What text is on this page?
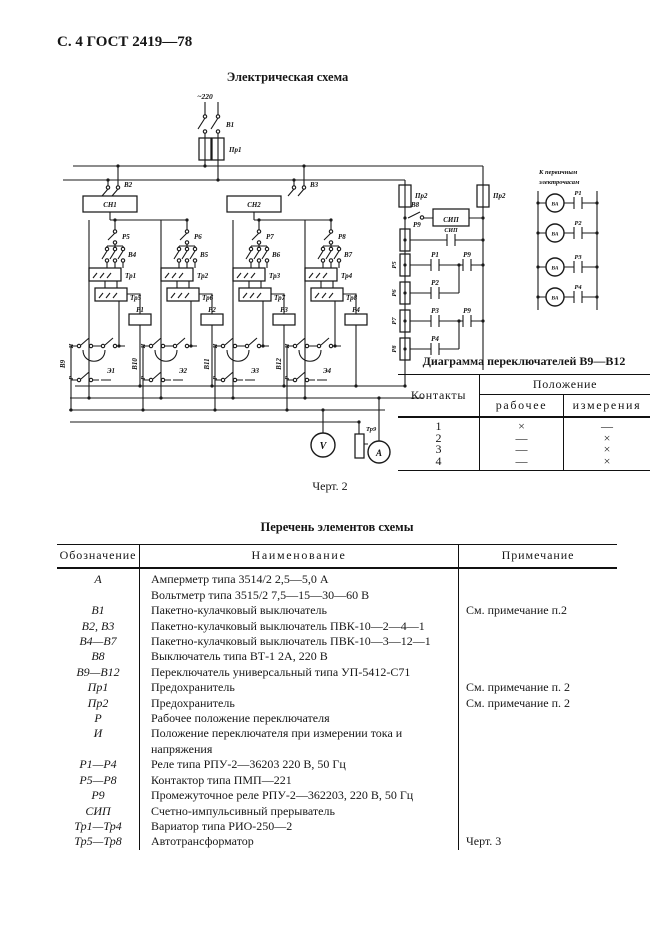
С. 4 ГОСТ 2419—78
Электрическая схема
~220
В1
Пр1
В2	В3
СН1	СН2
Р5	Р6	Р7	Р8
В4	В5	В6	В7
Тр1	Тр2	Тр3	Тр4
Тр5	Тр6	Тр7	Тр8
Р1	Р2	Р3	Р4
В9	В10	В11	В12
И	И	И	И
Р	Р	Р	Р
Э1	Э2	Э3	Э4
Тр9
V
А
Пр2	Пр2
В8
СИП
СИП
Р9
Р5
Р6
Р7
Р8
Р1	Р9
Р2
Р3	Р9
Р4
К первичным
электрочасам
Р1
Р2
Р3
Р4
ВА
ВА
ВА
ВА
Черт. 2
Диаграмма переключателей В9—В12
Контакты	Положение	
	рабочее	измерения
1	×	—
2	—	×
3	—	×
4	—	×
Перечень элементов схемы
Обозначение	Наименование	Примечание
А	Амперметр типа 3514/2 2,5—5,0 А	
	Вольтметр типа 3515/2 7,5—15—30—60 В	
В1	Пакетно-кулачковый выключатель	См. примечание п.2
В2, В3	Пакетно-кулачковый выключатель ПВК-10—2—4—1	
В4—В7	Пакетно-кулачковый выключатель ПВК-10—3—12—1	
В8	Выключатель типа ВТ-1 2А, 220 В	
В9—В12	Переключатель универсальный типа УП-5412-С71	
Пр1	Предохранитель	См. примечание п. 2
Пр2	Предохранитель	См. примечание п. 2
Р	Рабочее положение переключателя	
И	Положение переключателя при измерении тока и напряжения	
Р1—Р4	Реле типа РПУ-2—36203 220 В, 50 Гц	
Р5—Р8	Контактор типа ПМП—221	
Р9	Промежуточное реле РПУ-2—362203, 220 В, 50 Гц	
СИП	Счетно-импульсивный прерыватель	
Тр1—Тр4	Вариатор типа РИО-250—2	
Тр5—Тр8	Автотрансформатор	Черт. 3
